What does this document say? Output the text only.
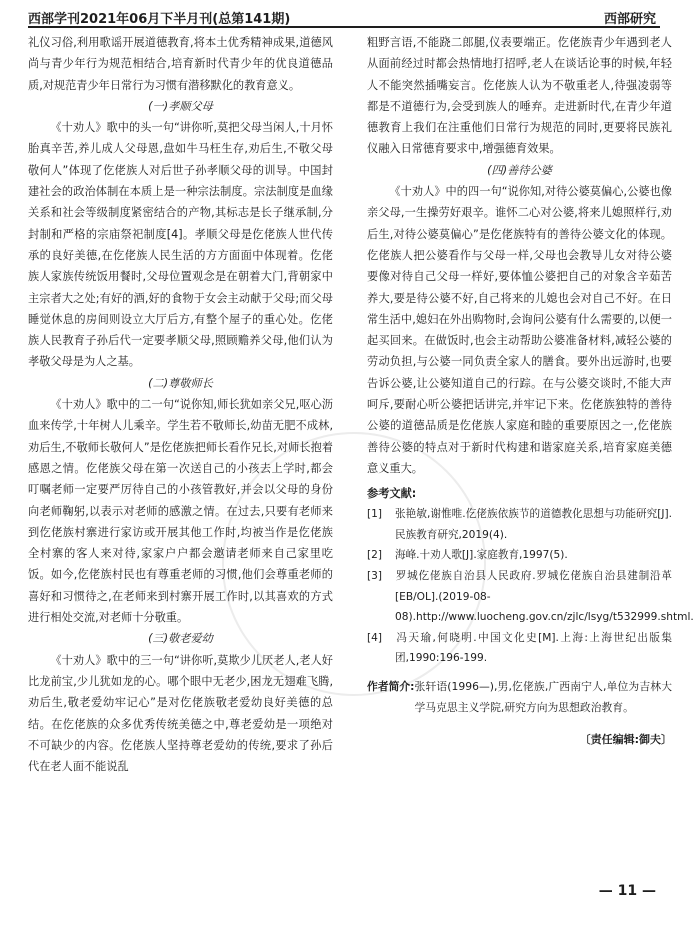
西部学刊2021年06月下半月刊(总第141期)	西部研究

礼仪习俗,利用歌谣开展道德教育,将本土优秀精神成果,道德风尚与青少年行为规范相结合,培育新时代青少年的优良道德品质,对规范青少年日常行为习惯有潜移默化的教育意义。

(一)孝顺父母

《十劝人》歌中的头一句“讲你听,莫把父母当闲人,十月怀胎真辛苦,养儿成人父母恩,盘如牛马枉生存,劝后生,不敬父母敬何人”体现了仡佬族人对后世子孙孝顺父母的训导。中国封建社会的政治体制在本质上是一种宗法制度。宗法制度是血缘关系和社会等级制度紧密结合的产物,其标志是长子继承制,分封制和严格的宗庙祭祀制度[4]。孝顺父母是仡佬族人世代传承的良好美德,在仡佬族人民生活的方方面面中体现着。仡佬族人家族传统饭用餐时,父母位置观念是在朝着大门,背朝家中主宗者大之处;有好的酒,好的食物于女会主动献于父母;而父母睡觉休息的房间则设立大厅后方,有整个屋子的重心处。仡佬族人民教育子孙后代一定要孝顺父母,照顾赡养父母,他们认为孝敬父母是为人之基。

(二)尊敬师长

《十劝人》歌中的二一句“说你知,师长犹如亲父兄,呕心沥血来传学,十年树人儿乘辛。学生若不敬师长,幼苗无肥不成林,劝后生,不敬师长敬何人”是仡佬族把师长看作兄长,对师长抱着感恩之情。仡佬族父母在第一次送自己的小孩去上学时,都会叮嘱老师一定要严厉待自己的小孩管教好,并会以父母的身份向老师鞠躬,以表示对老师的感激之情。在过去,只要有老师来到仡佬族村寨进行家访或开展其他工作时,均被当作是仡佬族全村寨的客人来对待,家家户户都会邀请老师来自己家里吃饭。如今,仡佬族村民也有尊重老师的习惯,他们会尊重老师的喜好和习惯待之,在老师来到村寨开展工作时,以其喜欢的方式进行相处交流,对老师十分敬重。

(三)敬老爱幼

《十劝人》歌中的三一句“讲你听,莫欺少儿厌老人,老人好比龙前宝,少儿犹如龙的心。哪个眼中无老少,困龙无翅难飞腾,劝后生,敬老爱幼牢记心”是对仡佬族敬老爱幼良好美德的总结。在仡佬族的众多优秀传统美德之中,尊老爱幼是一项绝对不可缺少的内容。仡佬族人坚持尊老爱幼的传统,要求了孙后代在老人面不能说乱

粗野言语,不能跷二郎腿,仪表要端正。仡佬族青少年遇到老人从面前经过时都会热情地打招呼,老人在谈话论事的时候,年轻人不能突然插嘴妄言。仡佬族人认为不敬重老人,待强凌弱等都是不道德行为,会受到族人的唾弃。走进新时代,在青少年道德教育上我们在注重他们日常行为规范的同时,更要将民族礼仪融入日常德育要求中,增强德育效果。

(四)善待公婆

《十劝人》中的四一句“说你知,对待公婆莫偏心,公婆也像亲父母,一生操劳好艰辛。谁怀二心对公婆,将来儿媳照样行,劝后生,对待公婆莫偏心”是仡佬族特有的善待公婆文化的体现。仡佬族人把公婆看作与父母一样,父母也会教导儿女对待公婆要像对待自己父母一样好,要体恤公婆把自己的对象含辛茹苦养大,要是待公婆不好,自己将来的儿媳也会对自己不好。在日常生活中,媳妇在外出购物时,会询问公婆有什么需要的,以便一起买回来。在做饭时,也会主动帮助公婆准备材料,减轻公婆的劳动负担,与公婆一同负责全家人的膳食。要外出远游时,也要告诉公婆,让公婆知道自己的行踪。在与公婆交谈时,不能大声呵斥,要耐心听公婆把话讲完,并牢记下来。仡佬族独特的善待公婆的道德品质是仡佬族人家庭和睦的重要原因之一,仡佬族善待公婆的特点对于新时代构建和谐家庭关系,培育家庭美德意义重大。

参考文献:

[1] 张艳敏,谢惟唯.仡佬族依族节的道德教化思想与功能研究[J].民族教育研究,2019(4).
[2] 海峰.十劝人歌[J].家庭教育,1997(5).
[3] 罗城仡佬族自治县人民政府.罗城仡佬族自治县建制沿革[EB/OL].(2019-08-08).http://www.luocheng.gov.cn/zjlc/lsyg/t532999.shtml.
[4] 冯天瑜,何晓明.中国文化史[M].上海:上海世纪出版集团,1990:196-199.
作者简介: 张轩语(1996—),男,仡佬族,广西南宁人,单位为吉林大学马克思主义学院,研究方向为思想政治教育。
〔责任编辑:御夫〕
— 11 —
